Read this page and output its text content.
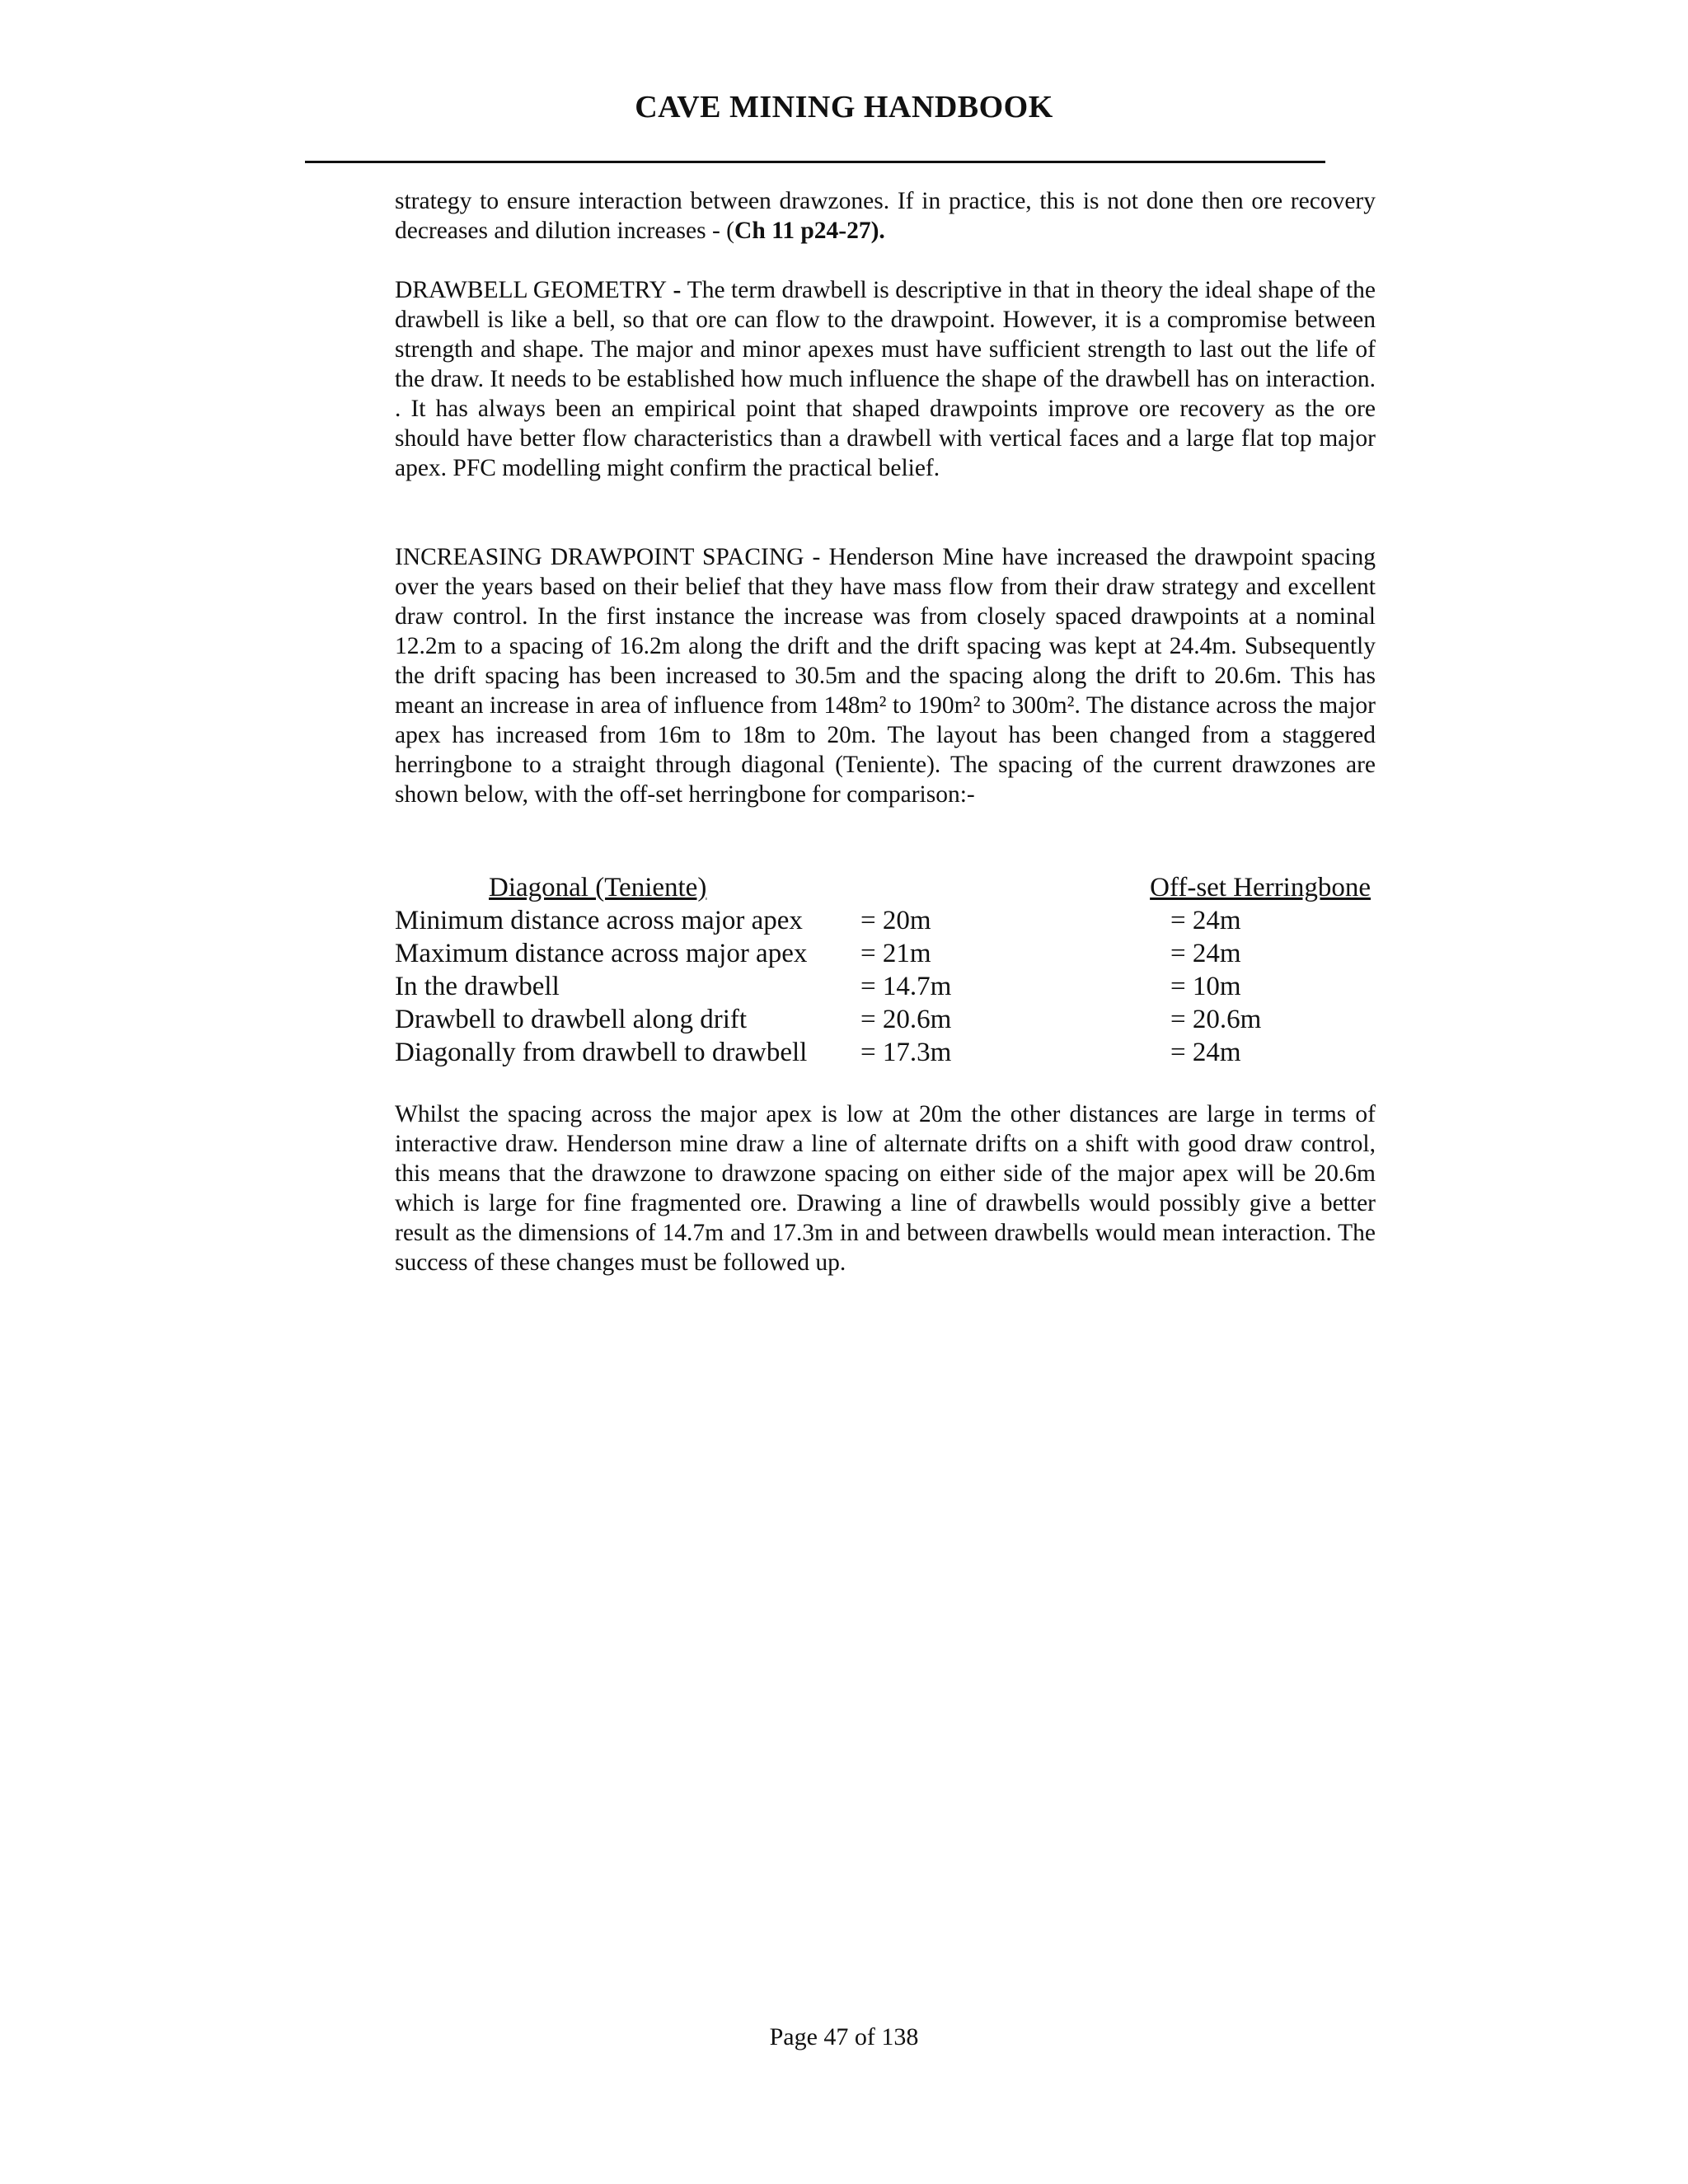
CAVE MINING HANDBOOK

strategy to ensure interaction between drawzones. If in practice, this is not done then ore recovery decreases and dilution increases - (Ch 11 p24-27).

DRAWBELL GEOMETRY - The term drawbell is descriptive in that in theory the ideal shape of the drawbell is like a bell, so that ore can flow to the drawpoint. However, it is a compromise between strength and shape. The major and minor apexes must have sufficient strength to last out the life of the draw. It needs to be established how much influence the shape of the drawbell has on interaction. . It has always been an empirical point that shaped drawpoints improve ore recovery as the ore should have better flow characteristics than a drawbell with vertical faces and a large flat top major apex. PFC modelling might confirm the practical belief.

INCREASING DRAWPOINT SPACING - Henderson Mine have increased the drawpoint spacing over the years based on their belief that they have mass flow from their draw strategy and excellent draw control. In the first instance the increase was from closely spaced drawpoints at a nominal 12.2m to a spacing of 16.2m along the drift and the drift spacing was kept at 24.4m. Subsequently the drift spacing has been increased to 30.5m and the spacing along the drift to 20.6m. This has meant an increase in area of influence from 148m² to 190m² to 300m². The distance across the major apex has increased from 16m to 18m to 20m. The layout has been changed from a staggered herringbone to a straight through diagonal (Teniente). The spacing of the current drawzones are shown below, with the off-set herringbone for comparison:-

Diagonal (Teniente)	Off-set Herringbone
Minimum distance across major apex = 20m	= 24m
Maximum distance across major apex = 21m	= 24m
In the drawbell	= 14.7m	= 10m
Drawbell to drawbell along drift	= 20.6m	= 20.6m
Diagonally from drawbell to drawbell = 17.3m	= 24m

Whilst the spacing across the major apex is low at 20m the other distances are large in terms of interactive draw. Henderson mine draw a line of alternate drifts on a shift with good draw control, this means that the drawzone to drawzone spacing on either side of the major apex will be 20.6m which is large for fine fragmented ore. Drawing a line of drawbells would possibly give a better result as the dimensions of 14.7m and 17.3m in and between drawbells would mean interaction. The success of these changes must be followed up.

Page 47 of 138
